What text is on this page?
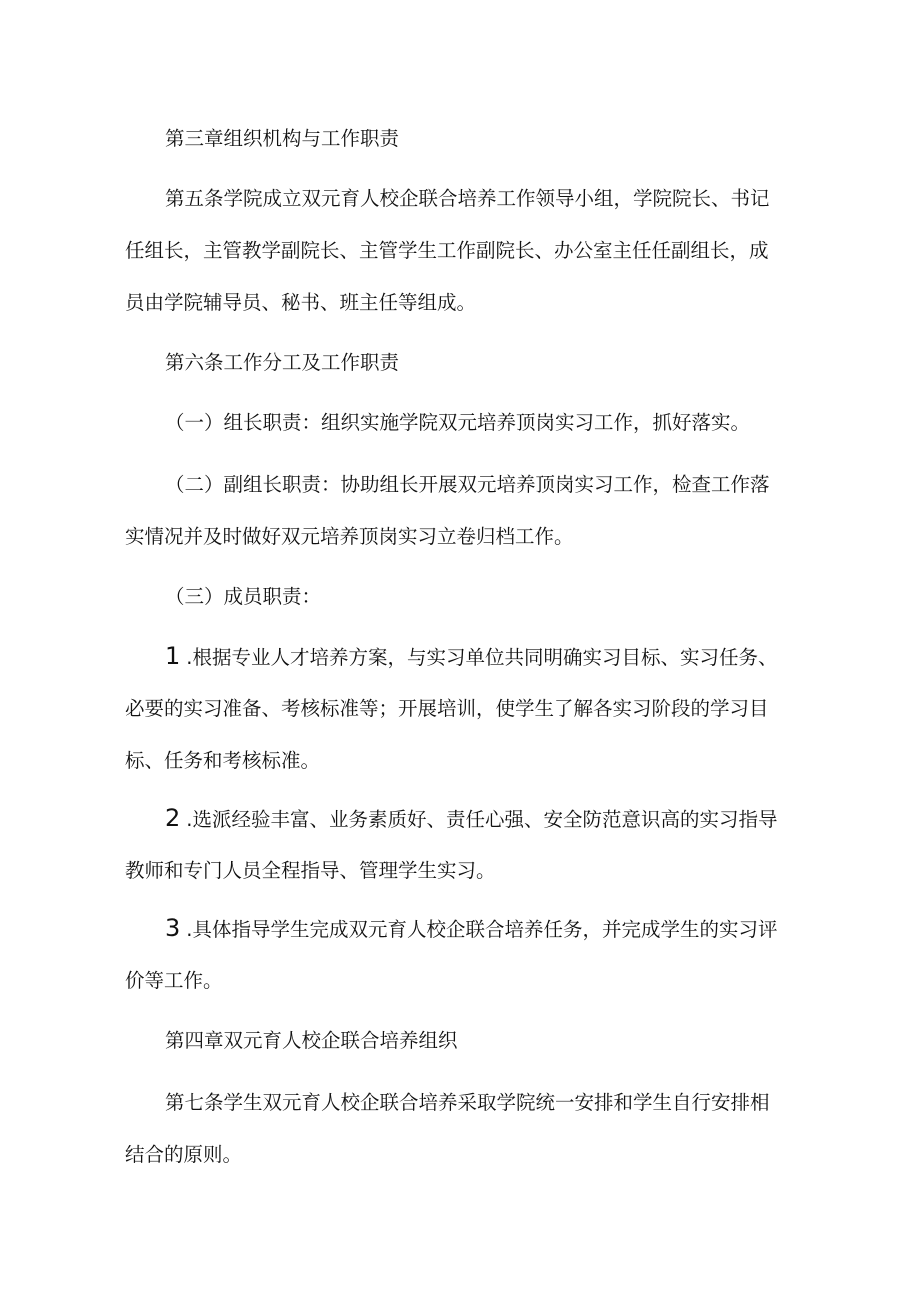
第三章组织机构与工作职责
第五条学院成立双元育人校企联合培养工作领导小组，学院院长、书记
任组长，主管教学副院长、主管学生工作副院长、办公室主任任副组长，成
员由学院辅导员、秘书、班主任等组成。
第六条工作分工及工作职责
（一）组长职责：组织实施学院双元培养顶岗实习工作，抓好落实。
（二）副组长职责：协助组长开展双元培养顶岗实习工作，检查工作落
实情况并及时做好双元培养顶岗实习立卷归档工作。
（三）成员职责：
1 .根据专业人才培养方案，与实习单位共同明确实习目标、实习任务、
必要的实习准备、考核标准等；开展培训，使学生了解各实习阶段的学习目
标、任务和考核标准。
2 .选派经验丰富、业务素质好、责任心强、安全防范意识高的实习指导
教师和专门人员全程指导、管理学生实习。
3 .具体指导学生完成双元育人校企联合培养任务，并完成学生的实习评
价等工作。
第四章双元育人校企联合培养组织
第七条学生双元育人校企联合培养采取学院统一安排和学生自行安排相
结合的原则。
